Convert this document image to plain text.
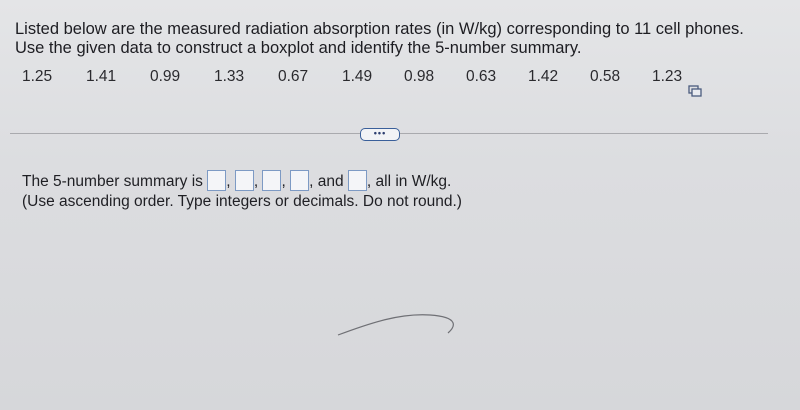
Listed below are the measured radiation absorption rates (in W/kg) corresponding to 11 cell phones. Use the given data to construct a boxplot and identify the 5-number summary.
1.25 1.41 0.99 1.33 0.67 1.49 0.98 0.63 1.42 0.58 1.23
•••
The 5-number summary is , , , , and , all in W/kg.
(Use ascending order. Type integers or decimals. Do not round.)
